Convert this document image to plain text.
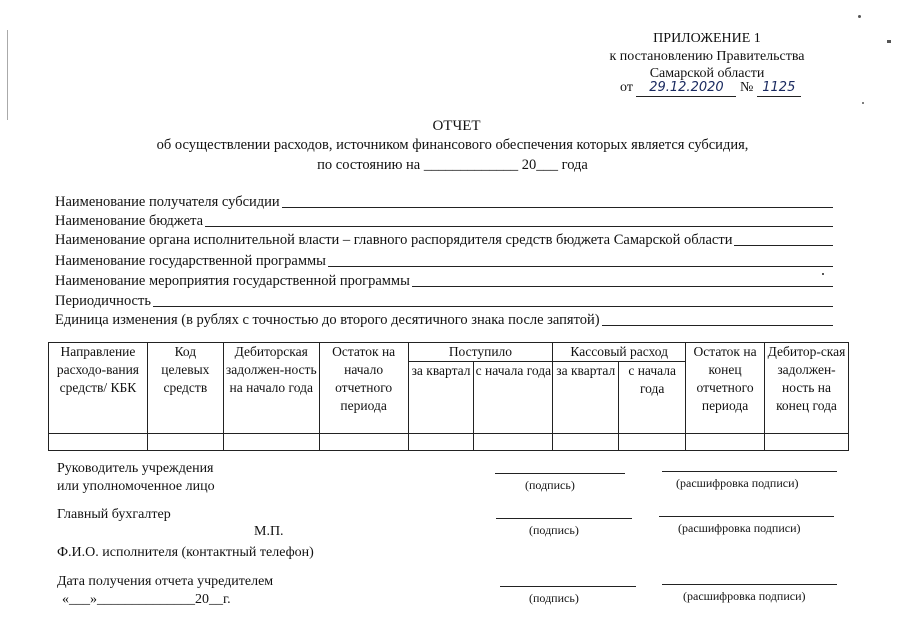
ПРИЛОЖЕНИЕ 1
к постановлению Правительства
Самарской области
от 29.12.2020 № 1125
ОТЧЕТ
об осуществлении расходов, источником финансового обеспечения которых является субсидия,
по состоянию на _____________ 20___ года
Наименование получателя субсидии
Наименование бюджета
Наименование органа исполнительной власти – главного распорядителя средств бюджета Самарской области
Наименование государственной программы
Наименование мероприятия государственной программы
Периодичность
Единица изменения (в рублях с точностью до второго десятичного знака после запятой)
Направление расходо-вания средств/ КБК	Код целевых средств	Дебиторская задолжен-ность на начало года	Остаток на начало отчетного периода	Поступило		Кассовый расход		Остаток на конец отчетного периода	Дебитор-ская задолжен-ность на конец года
				за квартал	с начала года	за квартал	с начала года		

Руководитель учреждения
или уполномоченное лицо	(подпись)	(расшифровка подписи)
Главный бухгалтер
М.П.	(подпись)	(расшифровка подписи)
Ф.И.О. исполнителя (контактный телефон)
Дата получения отчета учредителем
«___»______________20__г.	(подпись)	(расшифровка подписи)
